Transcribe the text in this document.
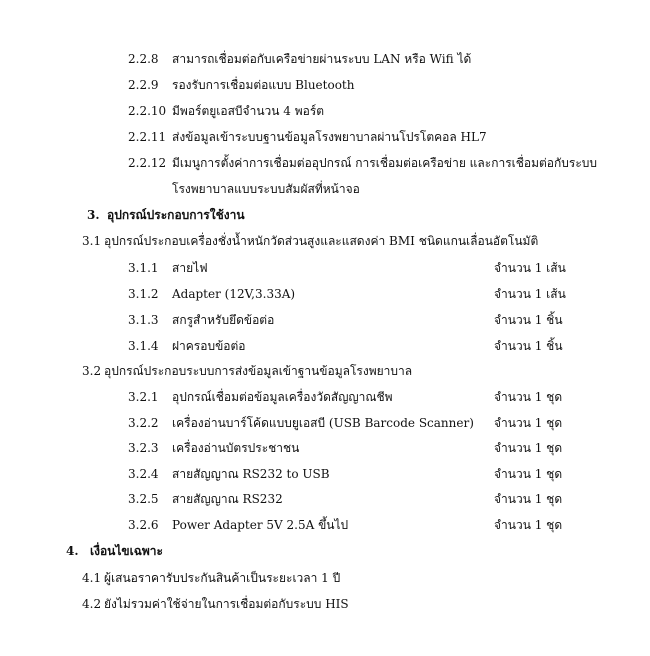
2.2.8 สามารถเชื่อมต่อกับเครือข่ายผ่านระบบ LAN หรือ Wifi ได้
2.2.9 รองรับการเชื่อมต่อแบบ Bluetooth
2.2.10 มีพอร์ตยูเอสบีจำนวน 4 พอร์ต
2.2.11 ส่งข้อมูลเข้าระบบฐานข้อมูลโรงพยาบาลผ่านโปรโตคอล HL7
2.2.12 มีเมนูการตั้งค่าการเชื่อมต่ออุปกรณ์ การเชื่อมต่อเครือข่าย และการเชื่อมต่อกับระบบ
โรงพยาบาลแบบระบบสัมผัสที่หน้าจอ
3. อุปกรณ์ประกอบการใช้งาน
3.1 อุปกรณ์ประกอบเครื่องชั่งน้ำหนักวัดส่วนสูงและแสดงค่า BMI ชนิดแกนเลื่อนอัตโนมัติ
3.1.1 สายไฟ	จำนวน 1 เส้น
3.1.2 Adapter (12V,3.33A)	จำนวน 1 เส้น
3.1.3 สกรูสำหรับยึดข้อต่อ	จำนวน 1 ชิ้น
3.1.4 ฝาครอบข้อต่อ	จำนวน 1 ชิ้น
3.2 อุปกรณ์ประกอบระบบการส่งข้อมูลเข้าฐานข้อมูลโรงพยาบาล
3.2.1 อุปกรณ์เชื่อมต่อข้อมูลเครื่องวัดสัญญาณชีพ	จำนวน 1 ชุด
3.2.2 เครื่องอ่านบาร์โค้ดแบบยูเอสบี (USB Barcode Scanner) จำนวน 1 ชุด
3.2.3 เครื่องอ่านบัตรประชาชน	จำนวน 1 ชุด
3.2.4 สายสัญญาณ RS232 to USB	จำนวน 1 ชุด
3.2.5 สายสัญญาณ RS232	จำนวน 1 ชุด
3.2.6 Power Adapter 5V 2.5A ขึ้นไป	จำนวน 1 ชุด
4. เงื่อนไขเฉพาะ
4.1 ผู้เสนอราคารับประกันสินค้าเป็นระยะเวลา 1 ปี
4.2 ยังไม่รวมค่าใช้จ่ายในการเชื่อมต่อกับระบบ HIS
